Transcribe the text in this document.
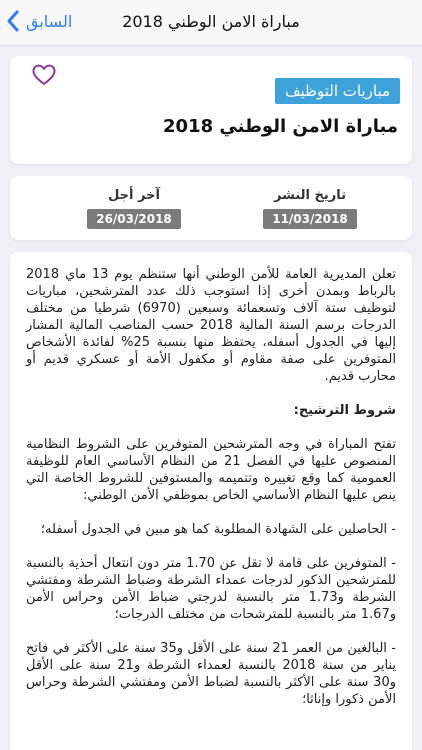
السابق	مباراة الامن الوطني 2018
مباريات التوظيف
مباراة الامن الوطني 2018
تاريخ النشر
11/03/2018
آخر أجل
26/03/2018

تعلن المديرية العامة للأمن الوطني أنها ستنظم يوم 13 ماي 2018 بالرباط وبمدن أخرى إذا استوجب ذلك عدد المترشحين، مباريات لتوظيف ستة آلاف وتسعمائة وسبعين (6970) شرطيا من مختلف الدرجات برسم السنة المالية 2018 حسب المناصب المالية المشار إليها في الجدول أسفله، يحتفظ منها بنسبة 25% لفائدة الأشخاص المتوفرين على صفة مقاوم أو مكفول الأمة أو عسكري قديم أو محارب قديم.

شروط الترشيح:

تفتح المباراة في وجه المترشحين المتوفرين على الشروط النظامية المنصوص عليها في الفصل 21 من النظام الأساسي العام للوظيفة العمومية كما وقع تغييره وتتميمه والمستوفين للشروط الخاصة التي ينص عليها النظام الأساسي الخاص بموظفي الأمن الوطني:

- الحاصلين على الشهادة المطلوبة كما هو مبين في الجدول أسفله؛

- المتوفرين على قامة لا تقل عن 1.70 متر دون انتعال أحذية بالنسبة للمترشحين الذكور لدرجات عمداء الشرطة وضباط الشرطة ومفتشي الشرطة و1.73 متر بالنسبة لدرجتي ضباط الأمن وحراس الأمن و1.67 متر بالنسبة للمترشحات من مختلف الدرجات؛

- البالغين من العمر 21 سنة على الأقل و35 سنة على الأكثر في فاتح يناير من سنة 2018 بالنسبة لعمداء الشرطة و21 سنة على الأقل و30 سنة على الأكثر بالنسبة لضباط الأمن ومفتشي الشرطة وحراس الأمن ذكورا وإناثا؛
